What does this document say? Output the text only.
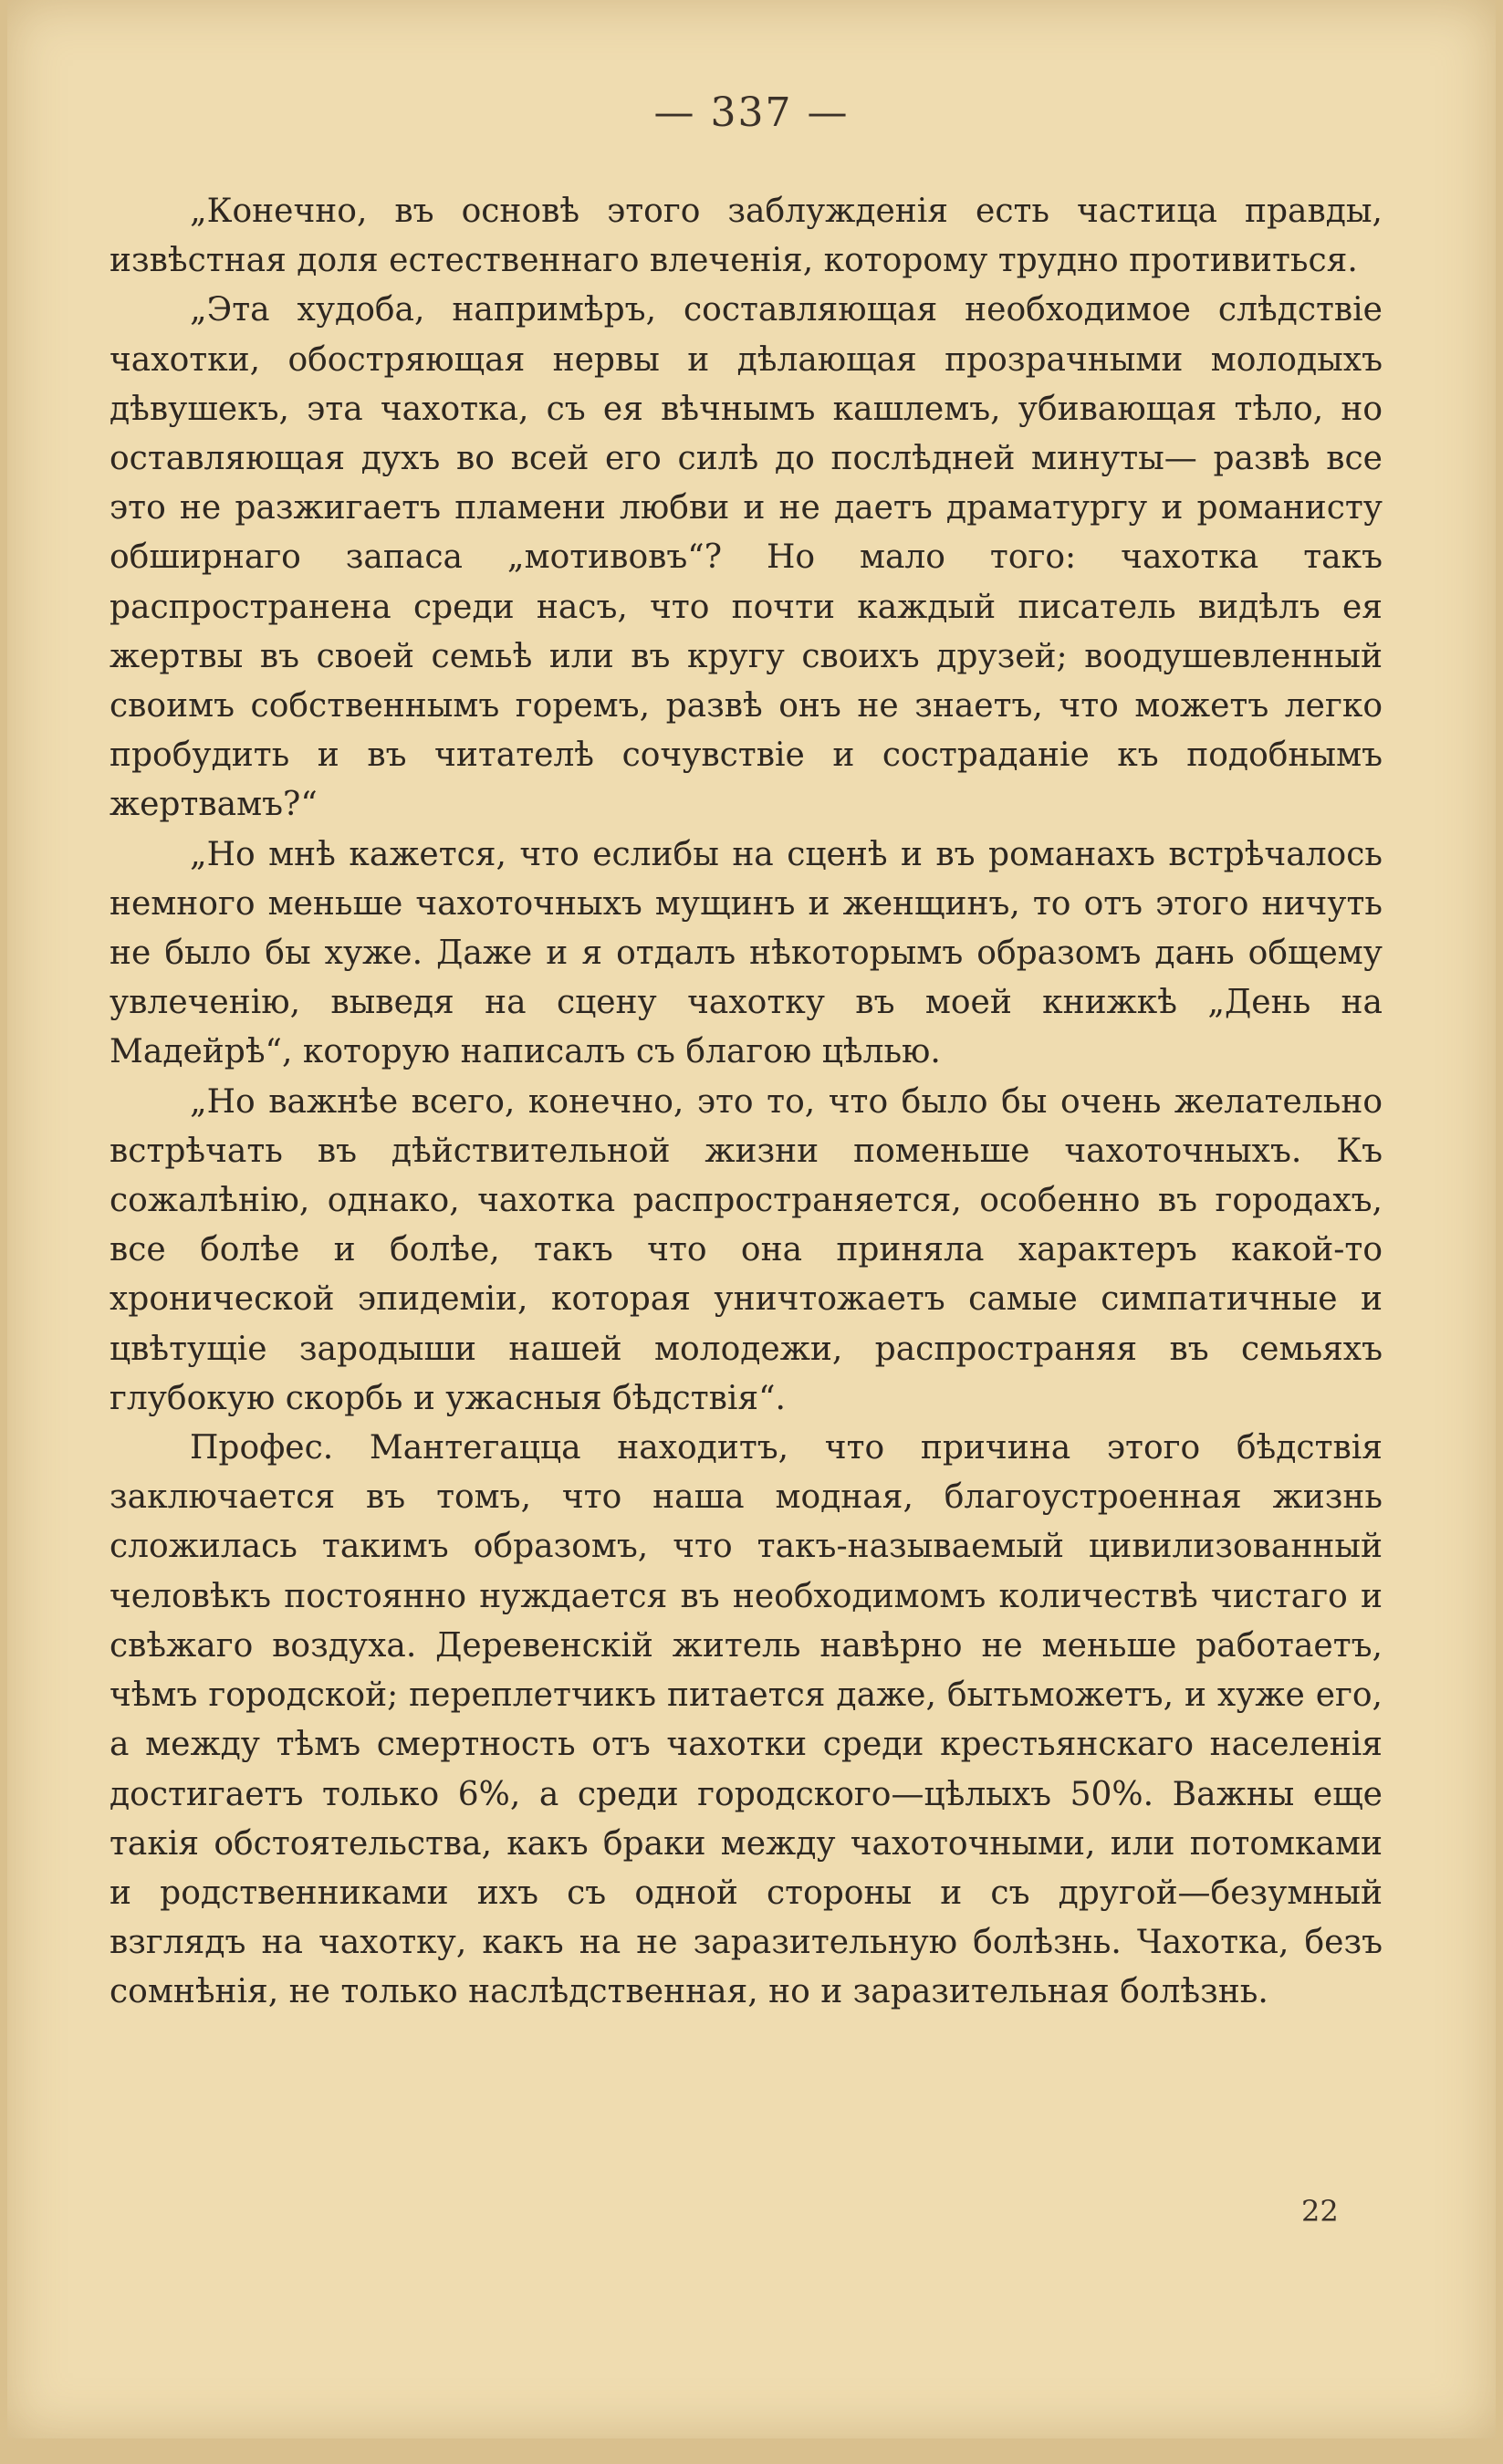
— 337 —

„Конечно, въ основѣ этого заблужденія есть частица правды, извѣстная доля естественнаго влеченія, которому трудно противиться.

„Эта худоба, напримѣръ, составляющая необходимое слѣдствіе чахотки, обостряющая нервы и дѣлающая прозрачными молодыхъ дѣвушекъ, эта чахотка, съ ея вѣчнымъ кашлемъ, убивающая тѣло, но оставляющая духъ во всей его силѣ до послѣдней минуты— развѣ все это не разжигаетъ пламени любви и не даетъ драматургу и романисту обширнаго запаса „мотивовъ“? Но мало того: чахотка такъ распространена среди насъ, что почти каждый писатель видѣлъ ея жертвы въ своей семьѣ или въ кругу своихъ друзей; воодушевленный своимъ собственнымъ горемъ, развѣ онъ не знаетъ, что можетъ легко пробудить и въ читателѣ сочувствіе и состраданіе къ подобнымъ жертвамъ?“

„Но мнѣ кажется, что еслибы на сценѣ и въ романахъ встрѣчалось немного меньше чахоточныхъ мущинъ и женщинъ, то отъ этого ничуть не было бы хуже. Даже и я отдалъ нѣкоторымъ образомъ дань общему увлеченію, выведя на сцену чахотку въ моей книжкѣ „День на Мадейрѣ“, которую написалъ съ благою цѣлью.

„Но важнѣе всего, конечно, это то, что было бы очень желательно встрѣчать въ дѣйствительной жизни поменьше чахоточныхъ. Къ сожалѣнію, однако, чахотка распространяется, особенно въ городахъ, все болѣе и болѣе, такъ что она приняла характеръ какой-то хронической эпидеміи, которая уничтожаетъ самые симпатичные и цвѣтущіе зародыши нашей молодежи, распространяя въ семьяхъ глубокую скорбь и ужасныя бѣдствія“.

Профес. Мантегацца находитъ, что причина этого бѣдствія заключается въ томъ, что наша модная, благоустроенная жизнь сложилась такимъ образомъ, что такъ-называемый цивилизованный человѣкъ постоянно нуждается въ необходимомъ количествѣ чистаго и свѣжаго воздуха. Деревенскій житель навѣрно не меньше работаетъ, чѣмъ городской; переплетчикъ питается даже, бытьможетъ, и хуже его, а между тѣмъ смертность отъ чахотки среди крестьянскаго населенія достигаетъ только 6%, а среди городского—цѣлыхъ 50%. Важны еще такія обстоятельства, какъ браки между чахоточными, или потомками и родственниками ихъ съ одной стороны и съ другой—безумный взглядъ на чахотку, какъ на не заразительную болѣзнь. Чахотка, безъ сомнѣнія, не только наслѣдственная, но и заразительная болѣзнь.

22
